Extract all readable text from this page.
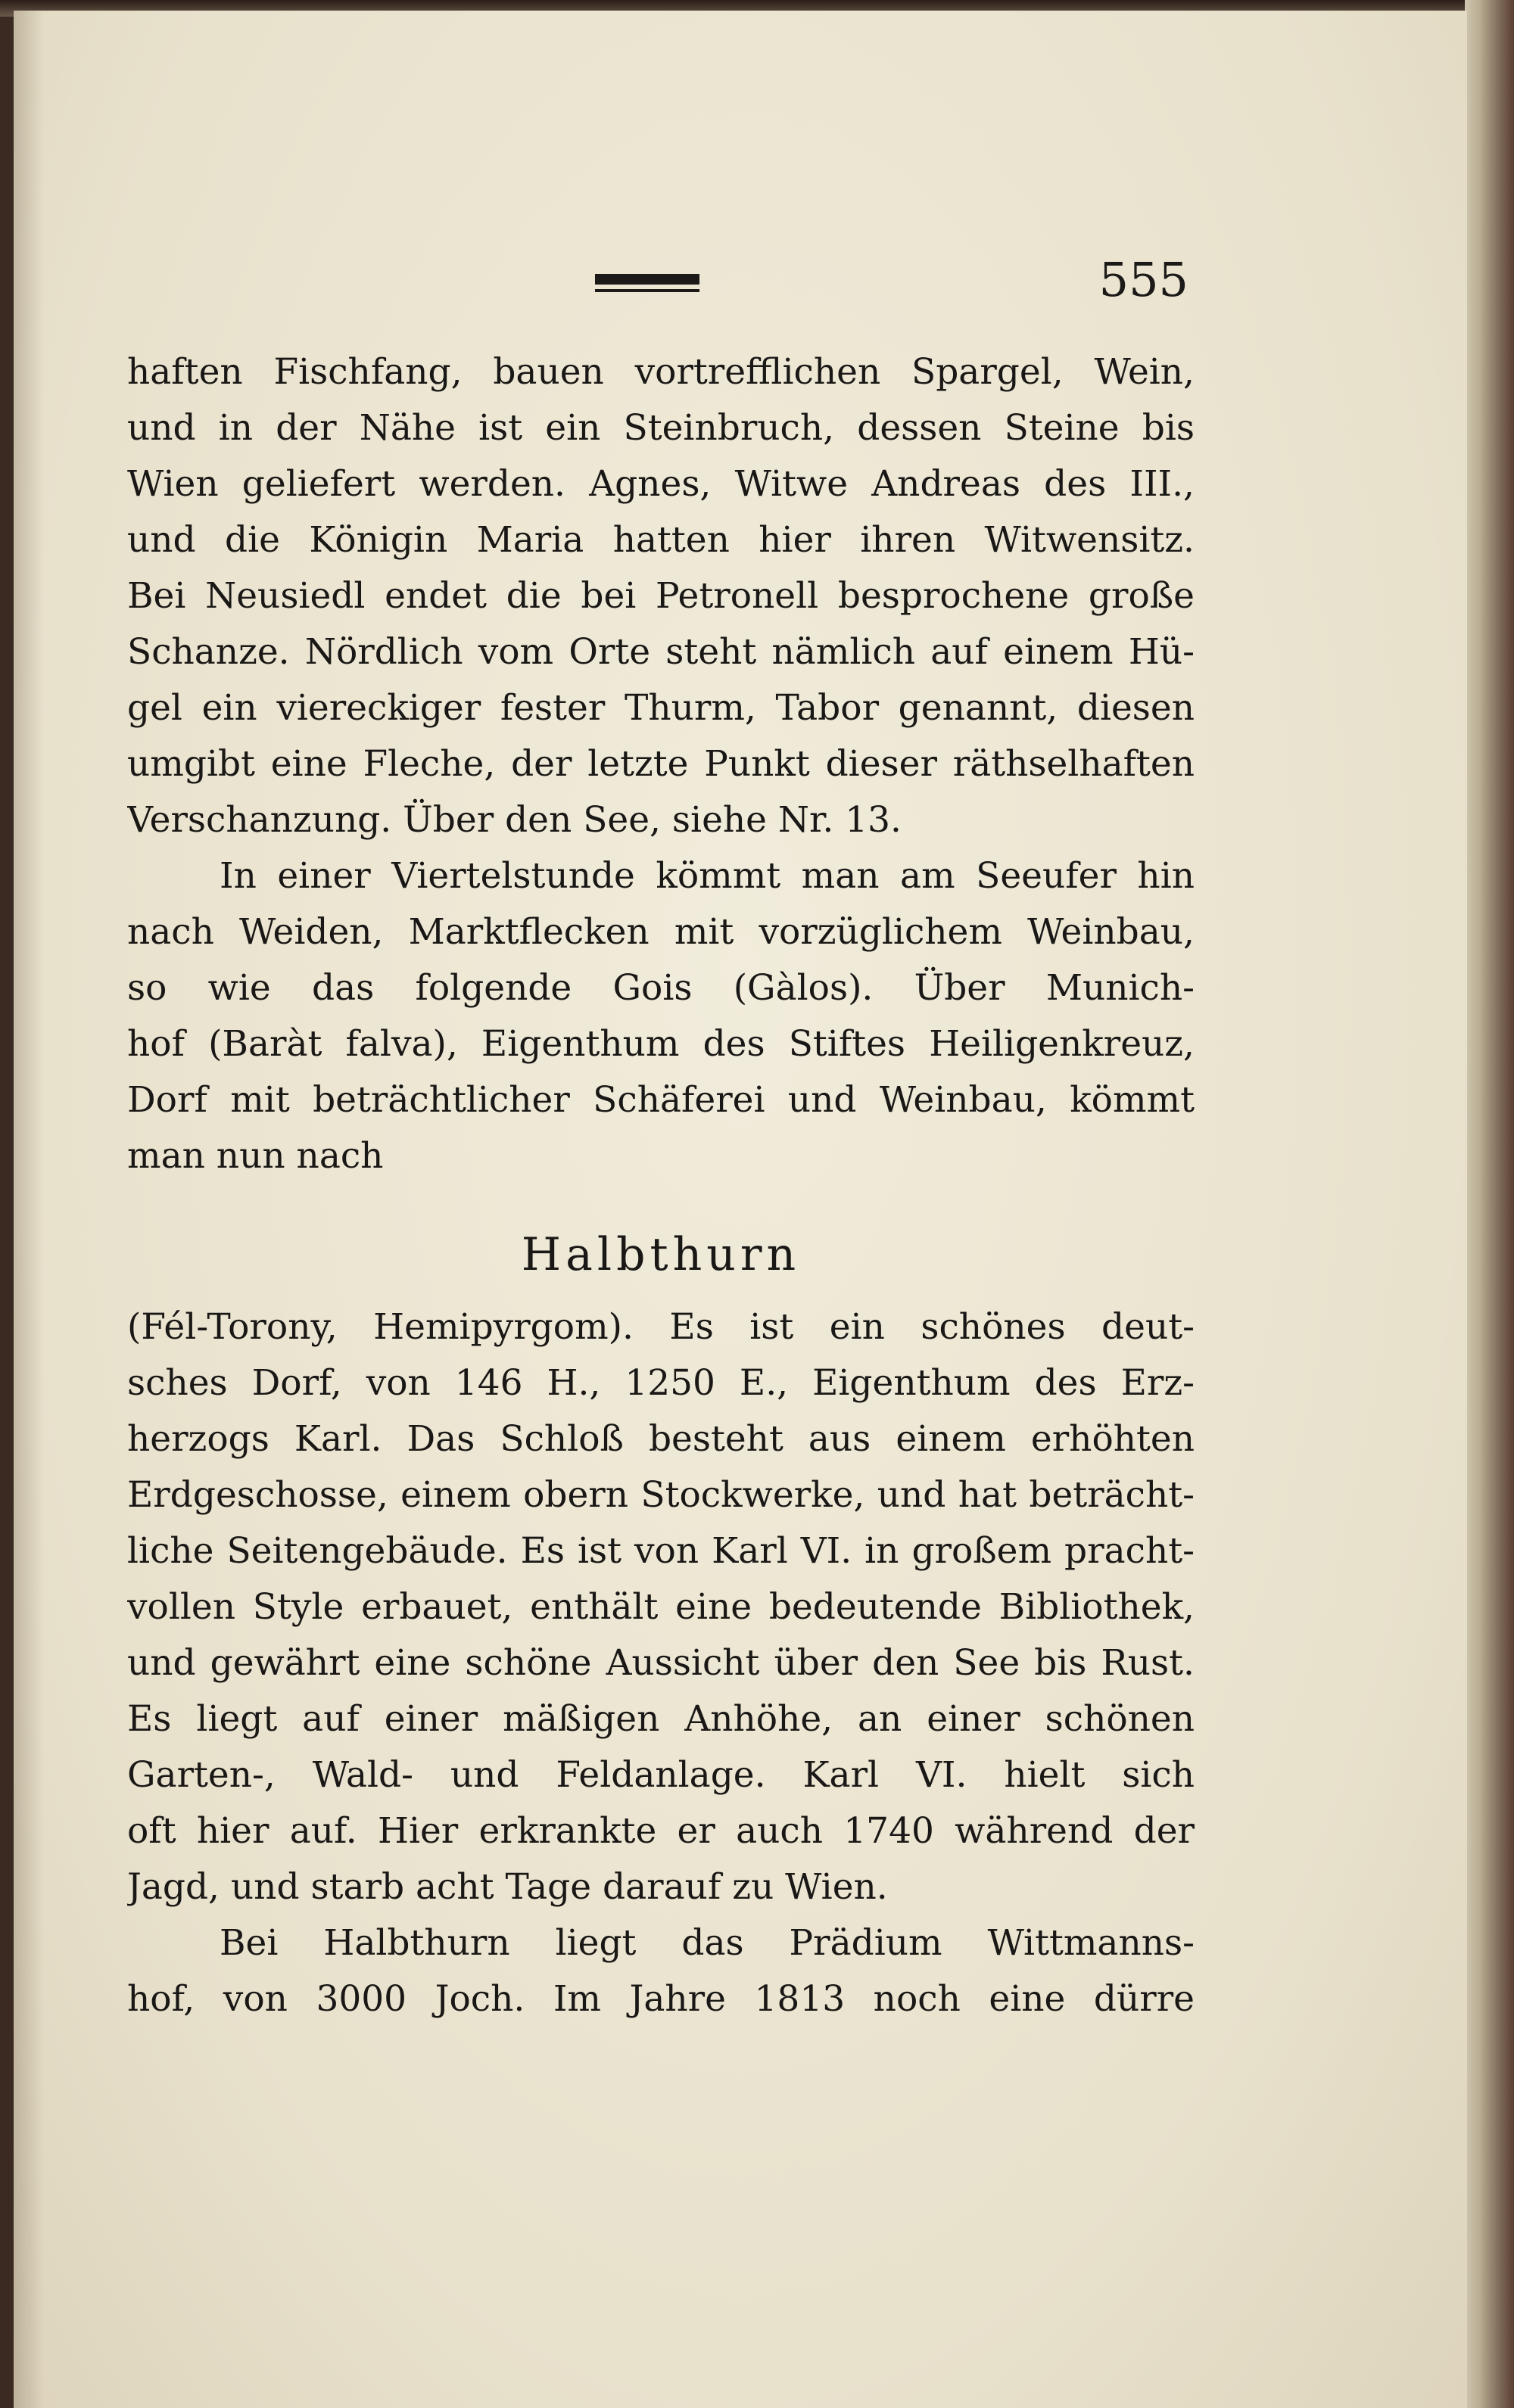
555
haften Fischfang, bauen vortrefflichen Spargel, Wein,
und in der Nähe ist ein Steinbruch, dessen Steine bis
Wien geliefert werden. Agnes, Witwe Andreas des III.,
und die Königin Maria hatten hier ihren Witwensitz.
Bei Neusiedl endet die bei Petronell besprochene große
Schanze. Nördlich vom Orte steht nämlich auf einem Hü-
gel ein viereckiger fester Thurm, Tabor genannt, diesen
umgibt eine Fleche, der letzte Punkt dieser räthselhaften
Verschanzung. Über den See, siehe Nr. 13.
In einer Viertelstunde kömmt man am Seeufer hin
nach Weiden, Marktflecken mit vorzüglichem Weinbau,
so wie das folgende Gois (Gàlos). Über Munich-
hof (Baràt falva), Eigenthum des Stiftes Heiligenkreuz,
Dorf mit beträchtlicher Schäferei und Weinbau, kömmt
man nun nach
Halbthurn
(Fél-Torony, Hemipyrgom). Es ist ein schönes deut-
sches Dorf, von 146 H., 1250 E., Eigenthum des Erz-
herzogs Karl. Das Schloß besteht aus einem erhöhten
Erdgeschosse, einem obern Stockwerke, und hat beträcht-
liche Seitengebäude. Es ist von Karl VI. in großem pracht-
vollen Style erbauet, enthält eine bedeutende Bibliothek,
und gewährt eine schöne Aussicht über den See bis Rust.
Es liegt auf einer mäßigen Anhöhe, an einer schönen
Garten-, Wald- und Feldanlage. Karl VI. hielt sich
oft hier auf. Hier erkrankte er auch 1740 während der
Jagd, und starb acht Tage darauf zu Wien.
Bei Halbthurn liegt das Prädium Wittmanns-
hof, von 3000 Joch. Im Jahre 1813 noch eine dürre
